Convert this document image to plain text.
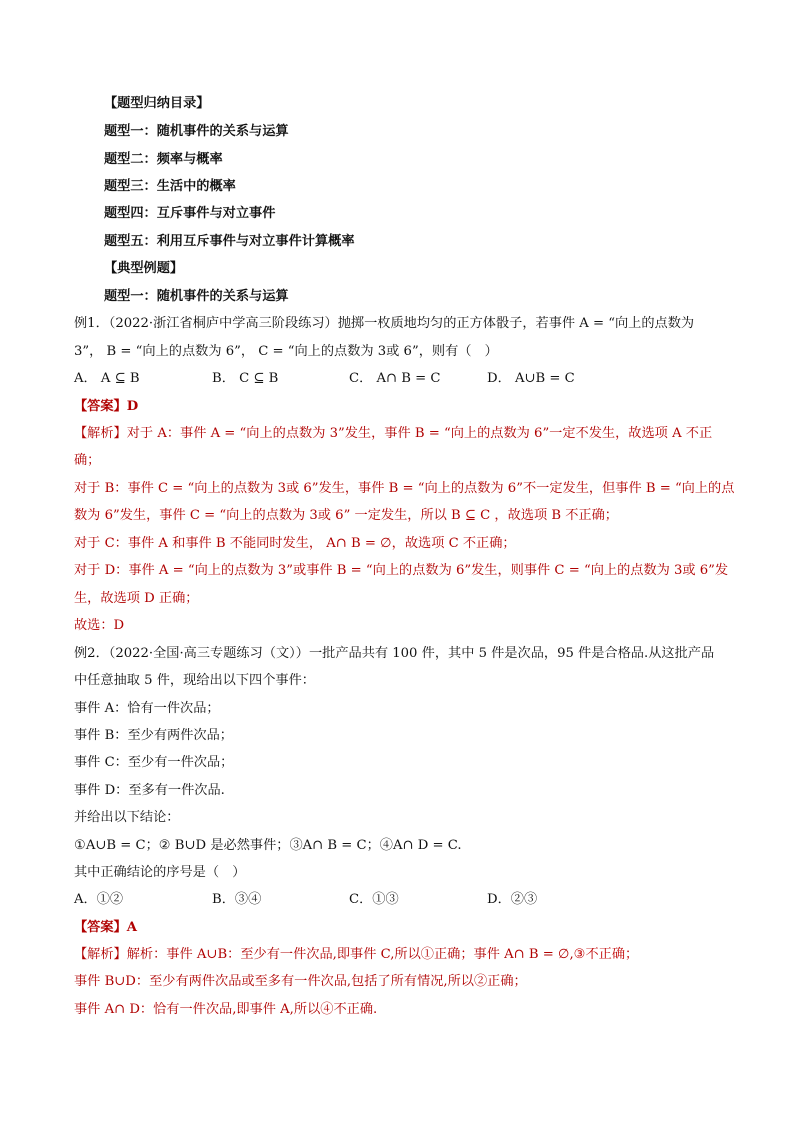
【题型归纳目录】
题型一：随机事件的关系与运算
题型二：频率与概率
题型三：生活中的概率
题型四：互斥事件与对立事件
题型五：利用互斥事件与对立事件计算概率
【典型例题】
题型一：随机事件的关系与运算
例1．（2022·浙江省桐庐中学高三阶段练习）抛掷一枚质地均匀的正方体骰子，若事件 A = “向上的点数为
3”， B = “向上的点数为 6”， C = “向上的点数为 3或 6”，则有（　）
A． A ⊆ B	B． C ⊆ B	C． A∩ B = C	D． A∪B = C
【答案】D
【解析】对于 A：事件 A = “向上的点数为 3”发生，事件 B = “向上的点数为 6”一定不发生，故选项 A 不正
确；
对于 B：事件 C = “向上的点数为 3或 6”发生，事件 B = “向上的点数为 6”不一定发生，但事件 B = “向上的点
数为 6”发生，事件 C = “向上的点数为 3或 6” 一定发生，所以 B ⊆ C ，故选项 B 不正确；
对于 C：事件 A 和事件 B 不能同时发生， A∩ B = ∅，故选项 C 不正确；
对于 D：事件 A = “向上的点数为 3”或事件 B = “向上的点数为 6”发生，则事件 C = “向上的点数为 3或 6”发
生，故选项 D 正确；
故选：D
例2．（2022·全国·高三专题练习（文））一批产品共有 100 件，其中 5 件是次品，95 件是合格品.从这批产品
中任意抽取 5 件，现给出以下四个事件：
事件 A：恰有一件次品；
事件 B：至少有两件次品；
事件 C：至少有一件次品；
事件 D：至多有一件次品.
并给出以下结论：
①A∪B = C；② B∪D 是必然事件；③A∩ B = C；④A∩ D = C.
其中正确结论的序号是（　）
A．①②	B．③④	C．①③	D．②③
【答案】A
【解析】解析：事件 A∪B：至少有一件次品,即事件 C,所以①正确；事件 A∩ B = ∅,③不正确；
事件 B∪D：至少有两件次品或至多有一件次品,包括了所有情况,所以②正确；
事件 A∩ D：恰有一件次品,即事件 A,所以④不正确.
